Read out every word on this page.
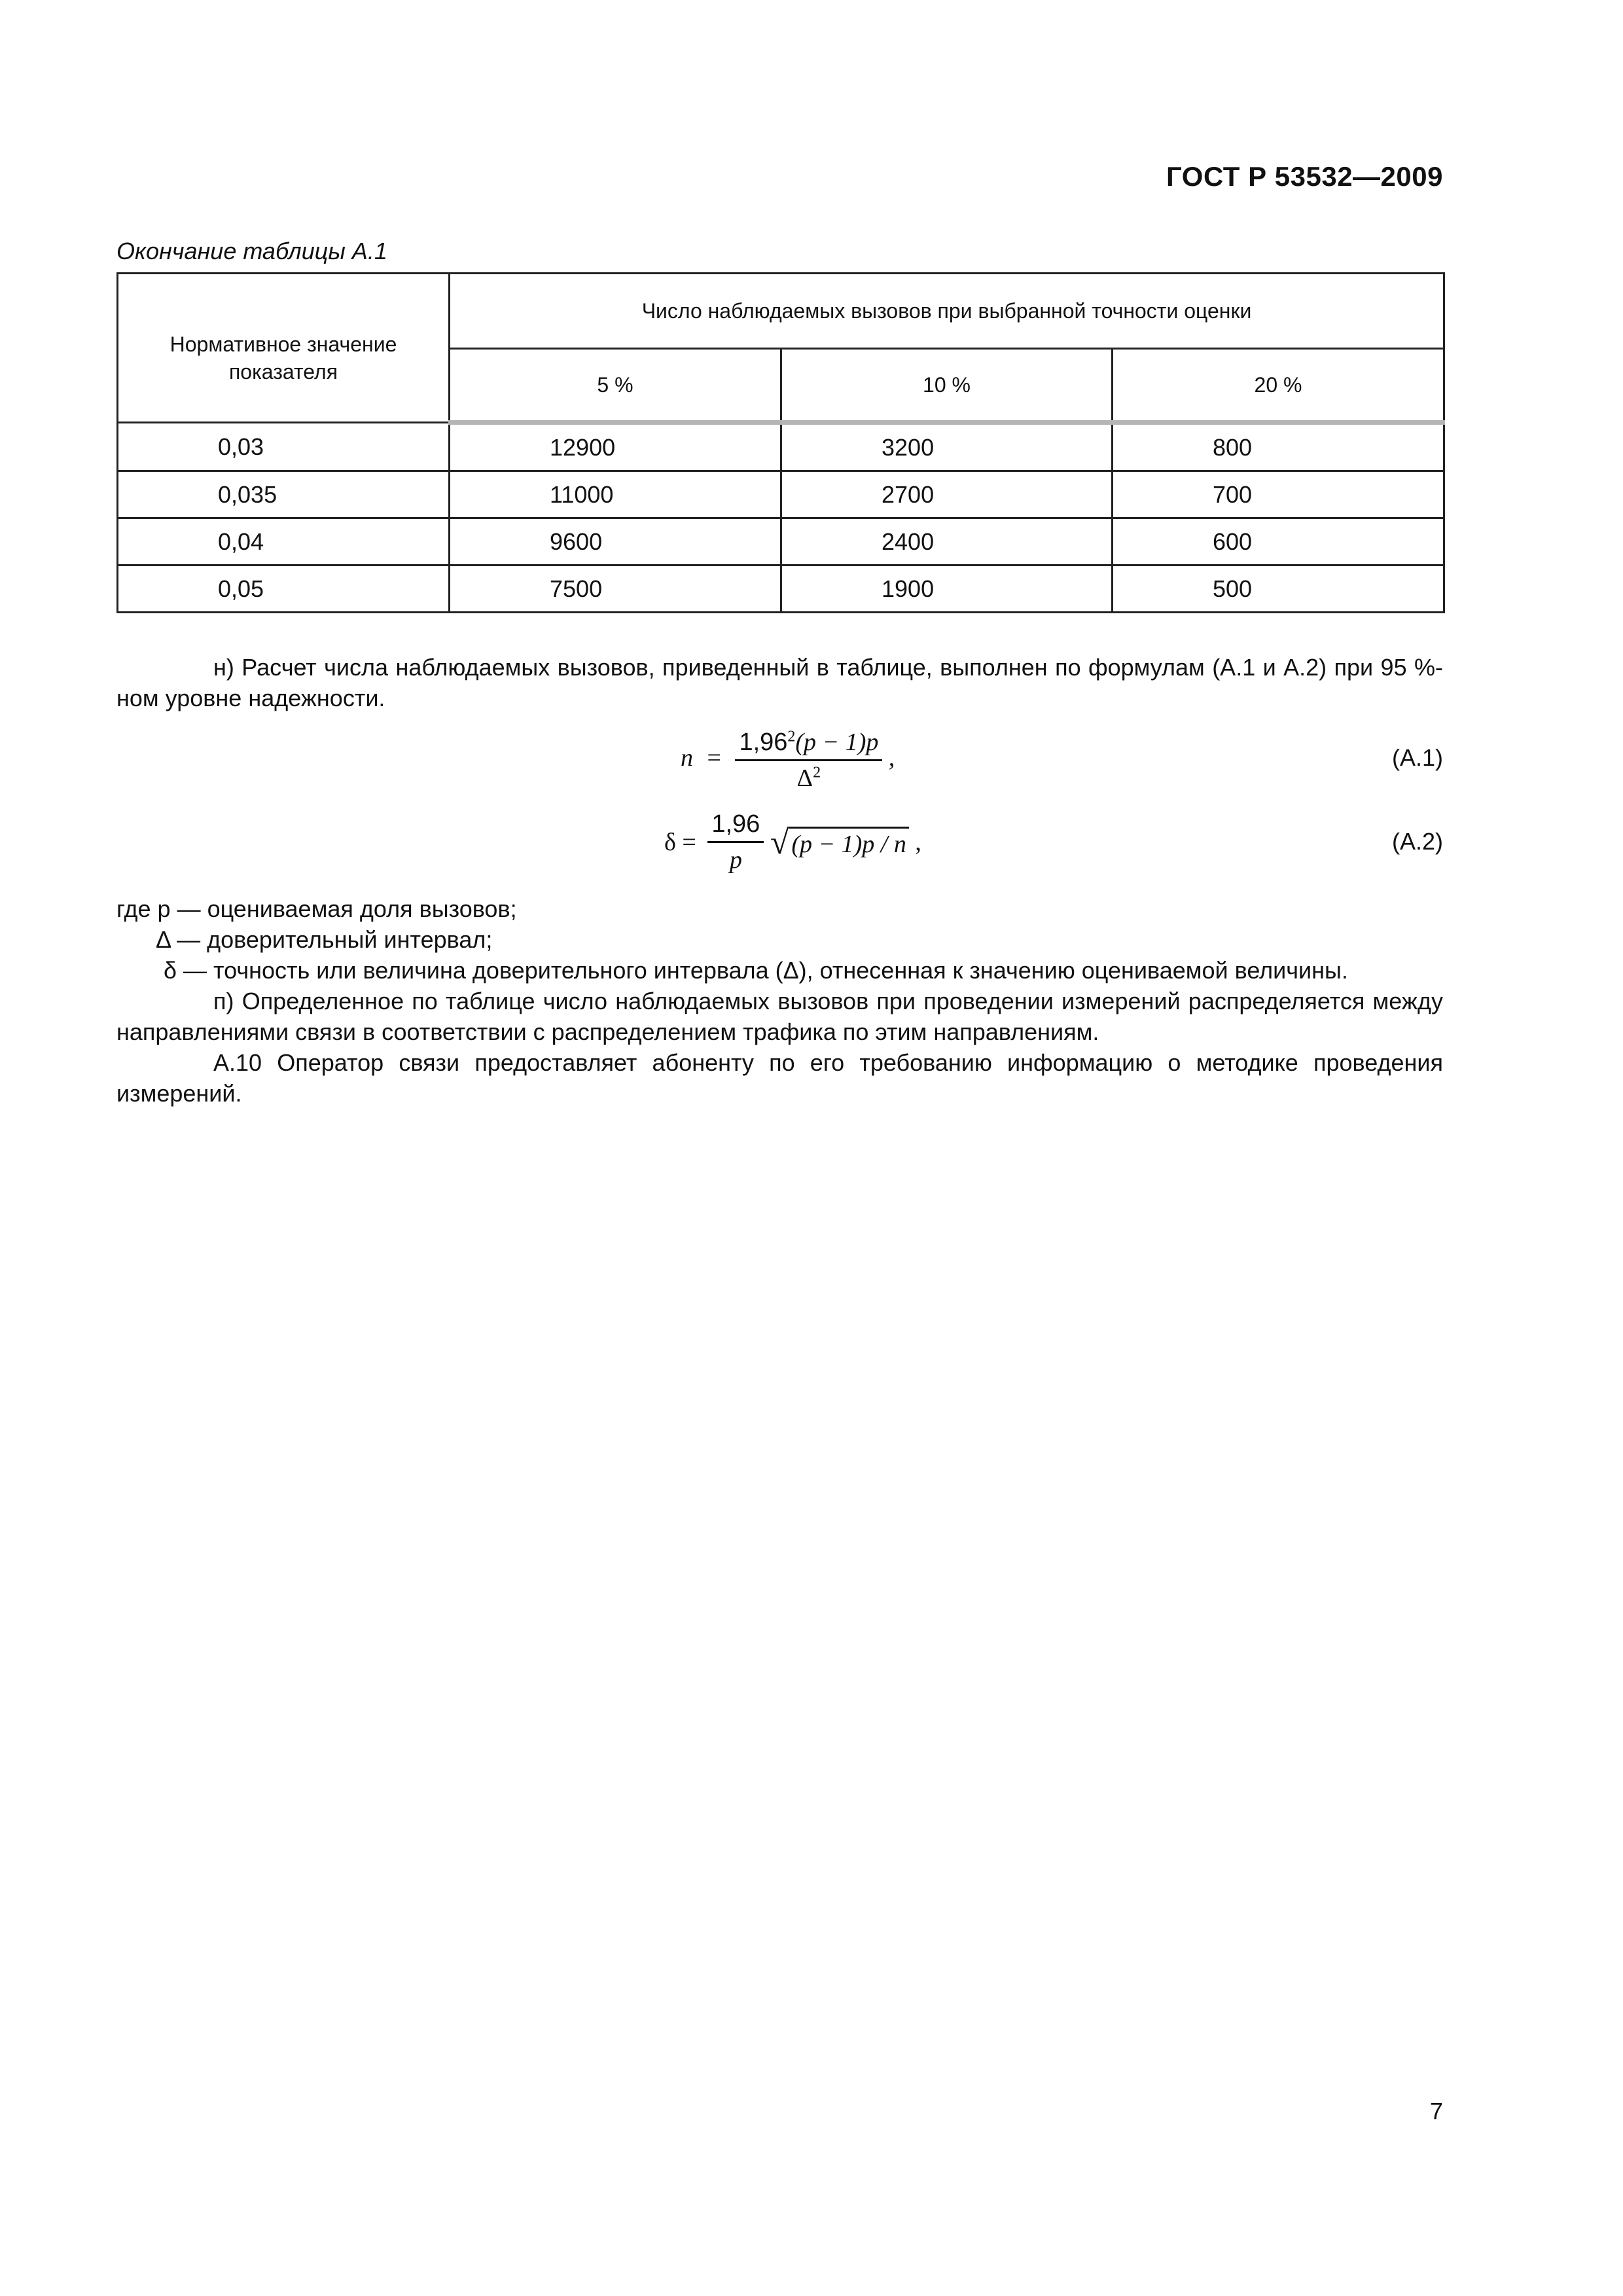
ГОСТ Р 53532—2009
Окончание таблицы А.1
Нормативное значение показателя	Число наблюдаемых вызовов при выбранной точности оценки		
	5 %	10 %	20 %
0,03	12900	3200	800
0,035	11000	2700	700
0,04	9600	2400	600
0,05	7500	1900	500
н) Расчет числа наблюдаемых вызовов, приведенный в таблице, выполнен по формулам (А.1 и А.2) при 95 %-ном уровне надежности.
$n = \frac{1,96^2(p - 1)p}{\Delta^2}$ ,	(А.1)
$\delta = \frac{1,96}{p}$ √ (p − 1)p / n ,	(А.2)
где p — оцениваемая доля вызовов;
Δ — доверительный интервал;
δ — точность или величина доверительного интервала (Δ), отнесенная к значению оцениваемой величины.
п) Определенное по таблице число наблюдаемых вызовов при проведении измерений распределяется между направлениями связи в соответствии с распределением трафика по этим направлениям.
А.10 Оператор связи предоставляет абоненту по его требованию информацию о методике проведения измерений.
7
